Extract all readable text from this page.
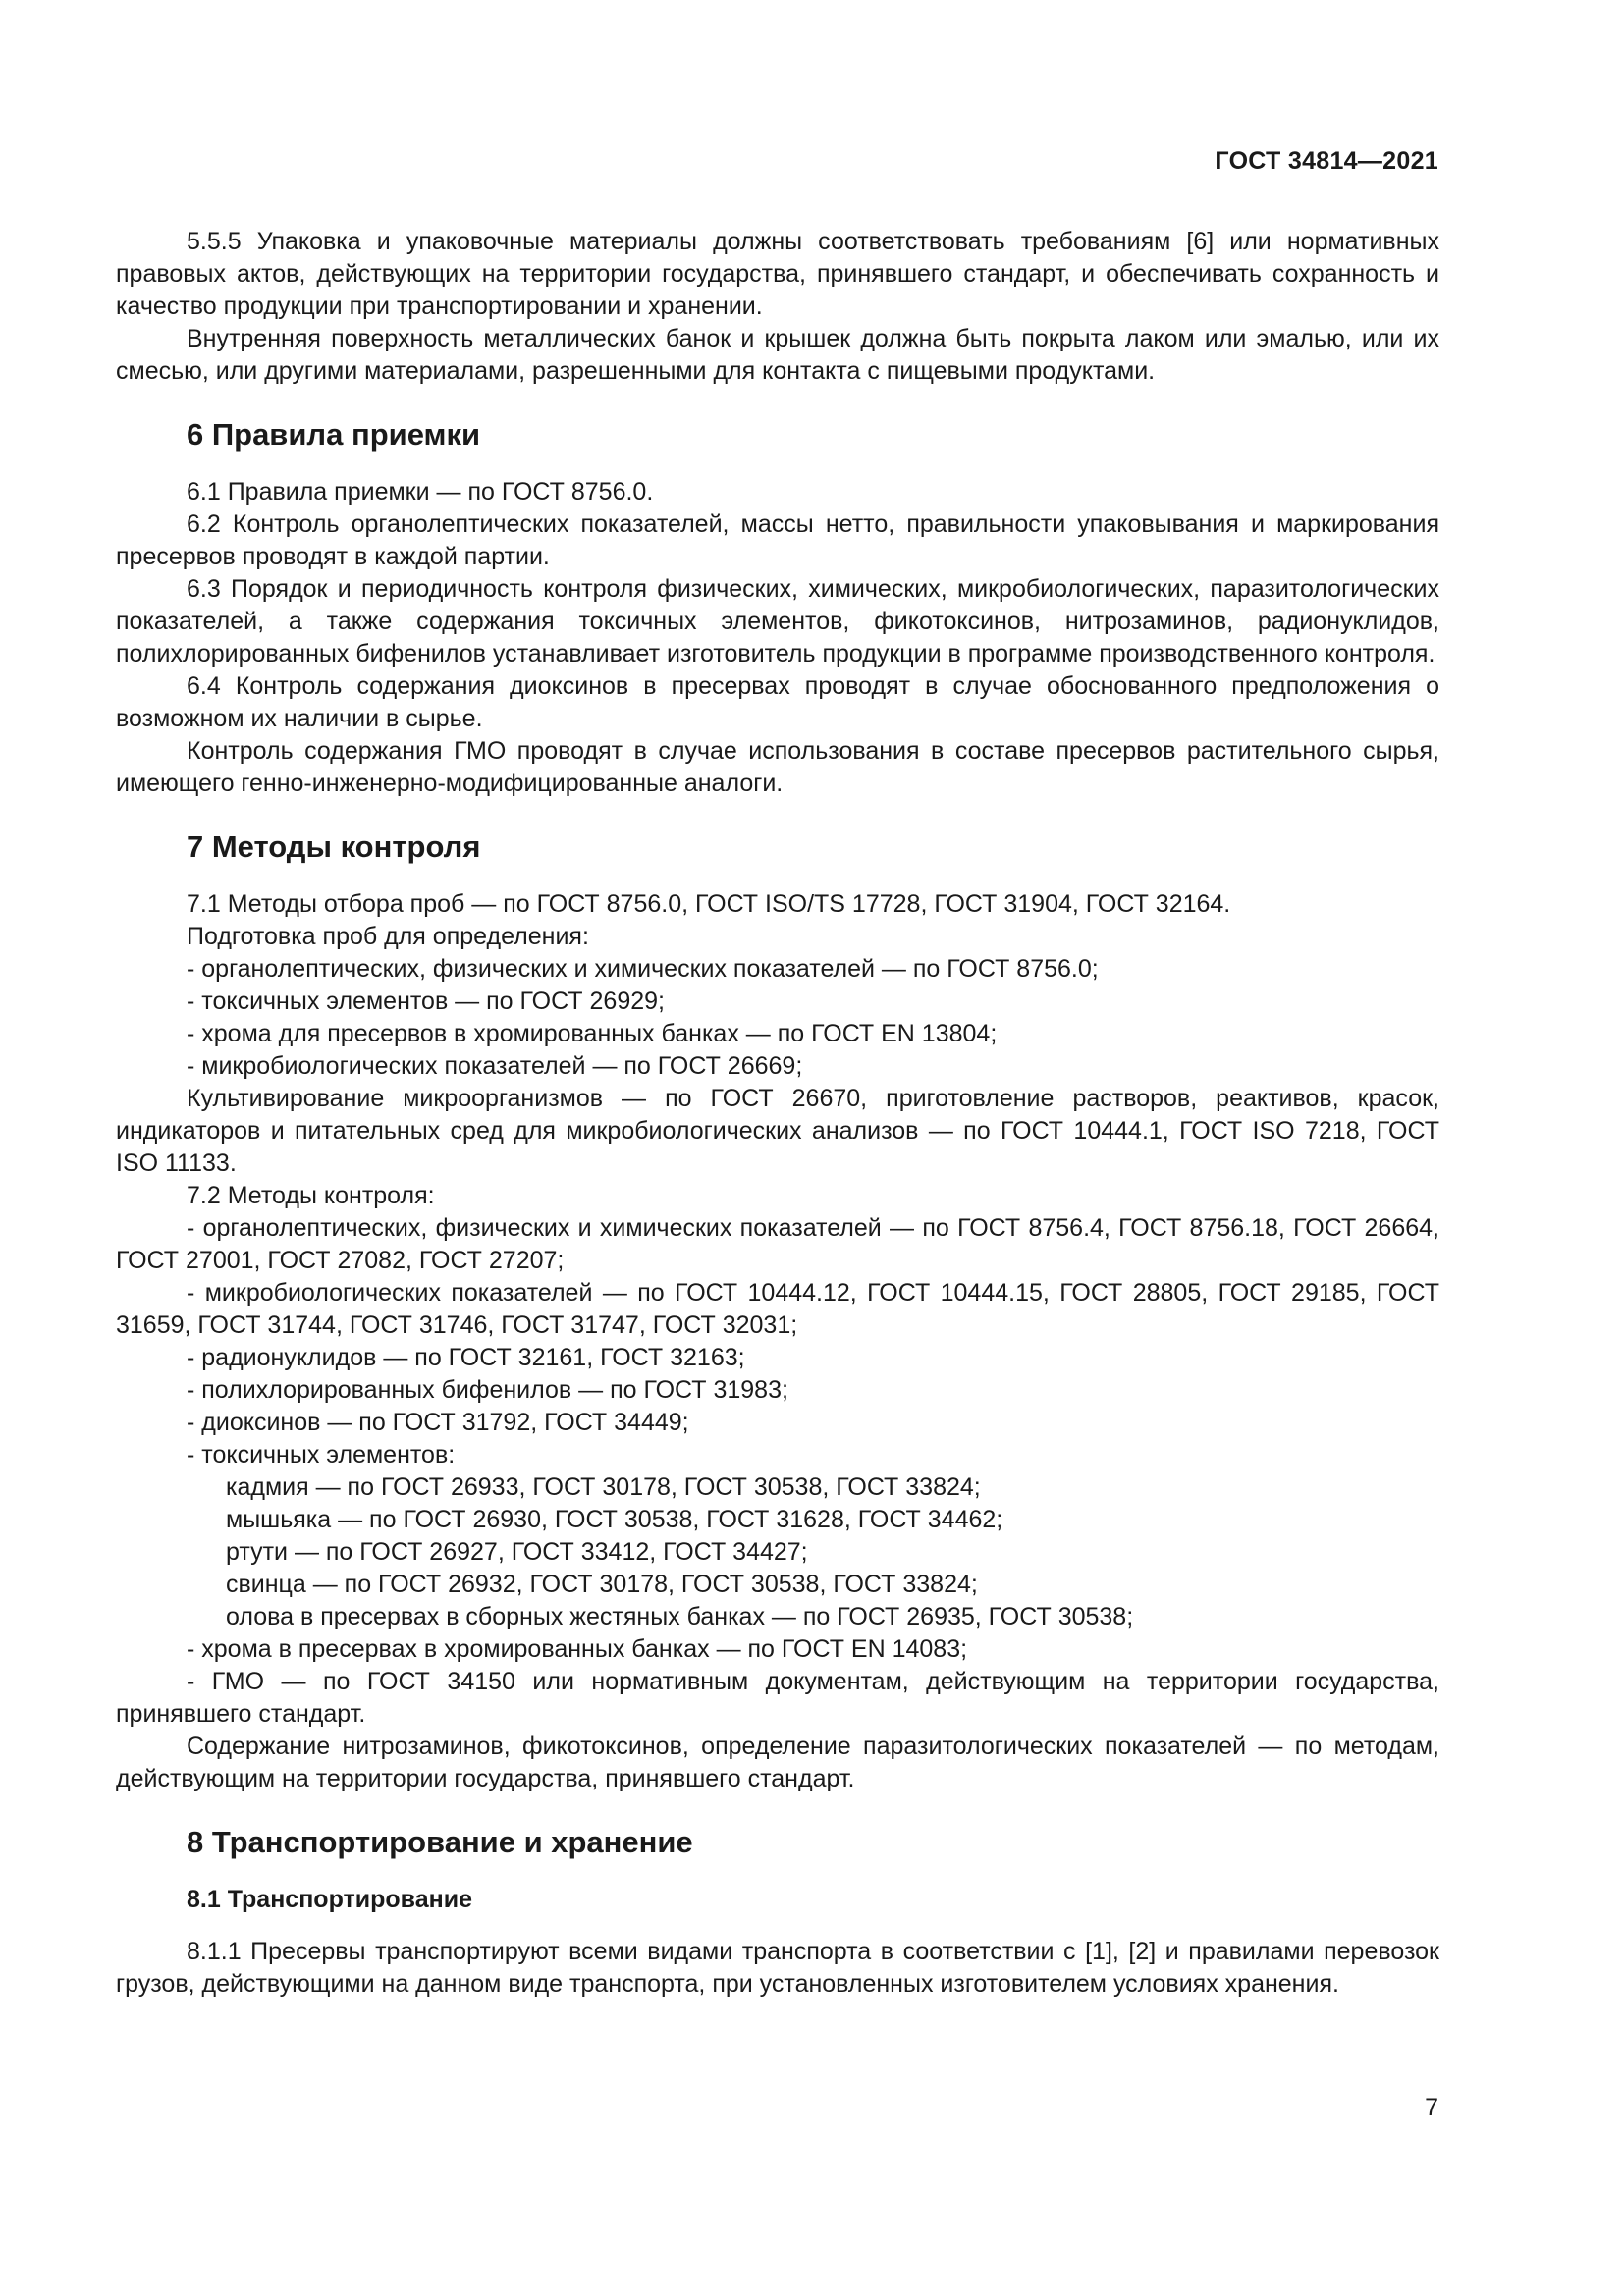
ГОСТ 34814—2021

5.5.5 Упаковка и упаковочные материалы должны соответствовать требованиям [6] или нормативных правовых актов, действующих на территории государства, принявшего стандарт, и обеспечивать сохранность и качество продукции при транспортировании и хранении.

Внутренняя поверхность металлических банок и крышек должна быть покрыта лаком или эмалью, или их смесью, или другими материалами, разрешенными для контакта с пищевыми продуктами.

6 Правила приемки

6.1 Правила приемки — по ГОСТ 8756.0.

6.2 Контроль органолептических показателей, массы нетто, правильности упаковывания и маркирования пресервов проводят в каждой партии.

6.3 Порядок и периодичность контроля физических, химических, микробиологических, паразитологических показателей, а также содержания токсичных элементов, фикотоксинов, нитрозаминов, радионуклидов, полихлорированных бифенилов устанавливает изготовитель продукции в программе производственного контроля.

6.4 Контроль содержания диоксинов в пресервах проводят в случае обоснованного предположения о возможном их наличии в сырье.

Контроль содержания ГМО проводят в случае использования в составе пресервов растительного сырья, имеющего генно-инженерно-модифицированные аналоги.

7 Методы контроля

7.1 Методы отбора проб — по ГОСТ 8756.0, ГОСТ ISO/TS 17728, ГОСТ 31904, ГОСТ 32164.

Подготовка проб для определения:

- органолептических, физических и химических показателей — по ГОСТ 8756.0;

- токсичных элементов — по ГОСТ 26929;

- хрома для пресервов в хромированных банках — по ГОСТ EN 13804;

- микробиологических показателей — по ГОСТ 26669;

Культивирование микроорганизмов — по ГОСТ 26670, приготовление растворов, реактивов, красок, индикаторов и питательных сред для микробиологических анализов — по ГОСТ 10444.1, ГОСТ ISO 7218, ГОСТ ISO 11133.

7.2 Методы контроля:

- органолептических, физических и химических показателей — по ГОСТ 8756.4, ГОСТ 8756.18, ГОСТ 26664, ГОСТ 27001, ГОСТ 27082, ГОСТ 27207;

- микробиологических показателей — по ГОСТ 10444.12, ГОСТ 10444.15, ГОСТ 28805, ГОСТ 29185, ГОСТ 31659, ГОСТ 31744, ГОСТ 31746, ГОСТ 31747, ГОСТ 32031;

- радионуклидов — по ГОСТ 32161, ГОСТ 32163;

- полихлорированных бифенилов — по ГОСТ 31983;

- диоксинов — по ГОСТ 31792, ГОСТ 34449;

- токсичных элементов:

кадмия — по ГОСТ 26933, ГОСТ 30178, ГОСТ 30538, ГОСТ 33824;

мышьяка — по ГОСТ 26930, ГОСТ 30538, ГОСТ 31628, ГОСТ 34462;

ртути — по ГОСТ 26927, ГОСТ 33412, ГОСТ 34427;

свинца — по ГОСТ 26932, ГОСТ 30178, ГОСТ 30538, ГОСТ 33824;

олова в пресервах в сборных жестяных банках — по ГОСТ 26935, ГОСТ 30538;

- хрома в пресервах в хромированных банках — по ГОСТ EN 14083;

- ГМО — по ГОСТ 34150 или нормативным документам, действующим на территории государства, принявшего стандарт.

Содержание нитрозаминов, фикотоксинов, определение паразитологических показателей — по методам, действующим на территории государства, принявшего стандарт.

8 Транспортирование и хранение
8.1 Транспортирование

8.1.1 Пресервы транспортируют всеми видами транспорта в соответствии с [1], [2] и правилами перевозок грузов, действующими на данном виде транспорта, при установленных изготовителем условиях хранения.

7
